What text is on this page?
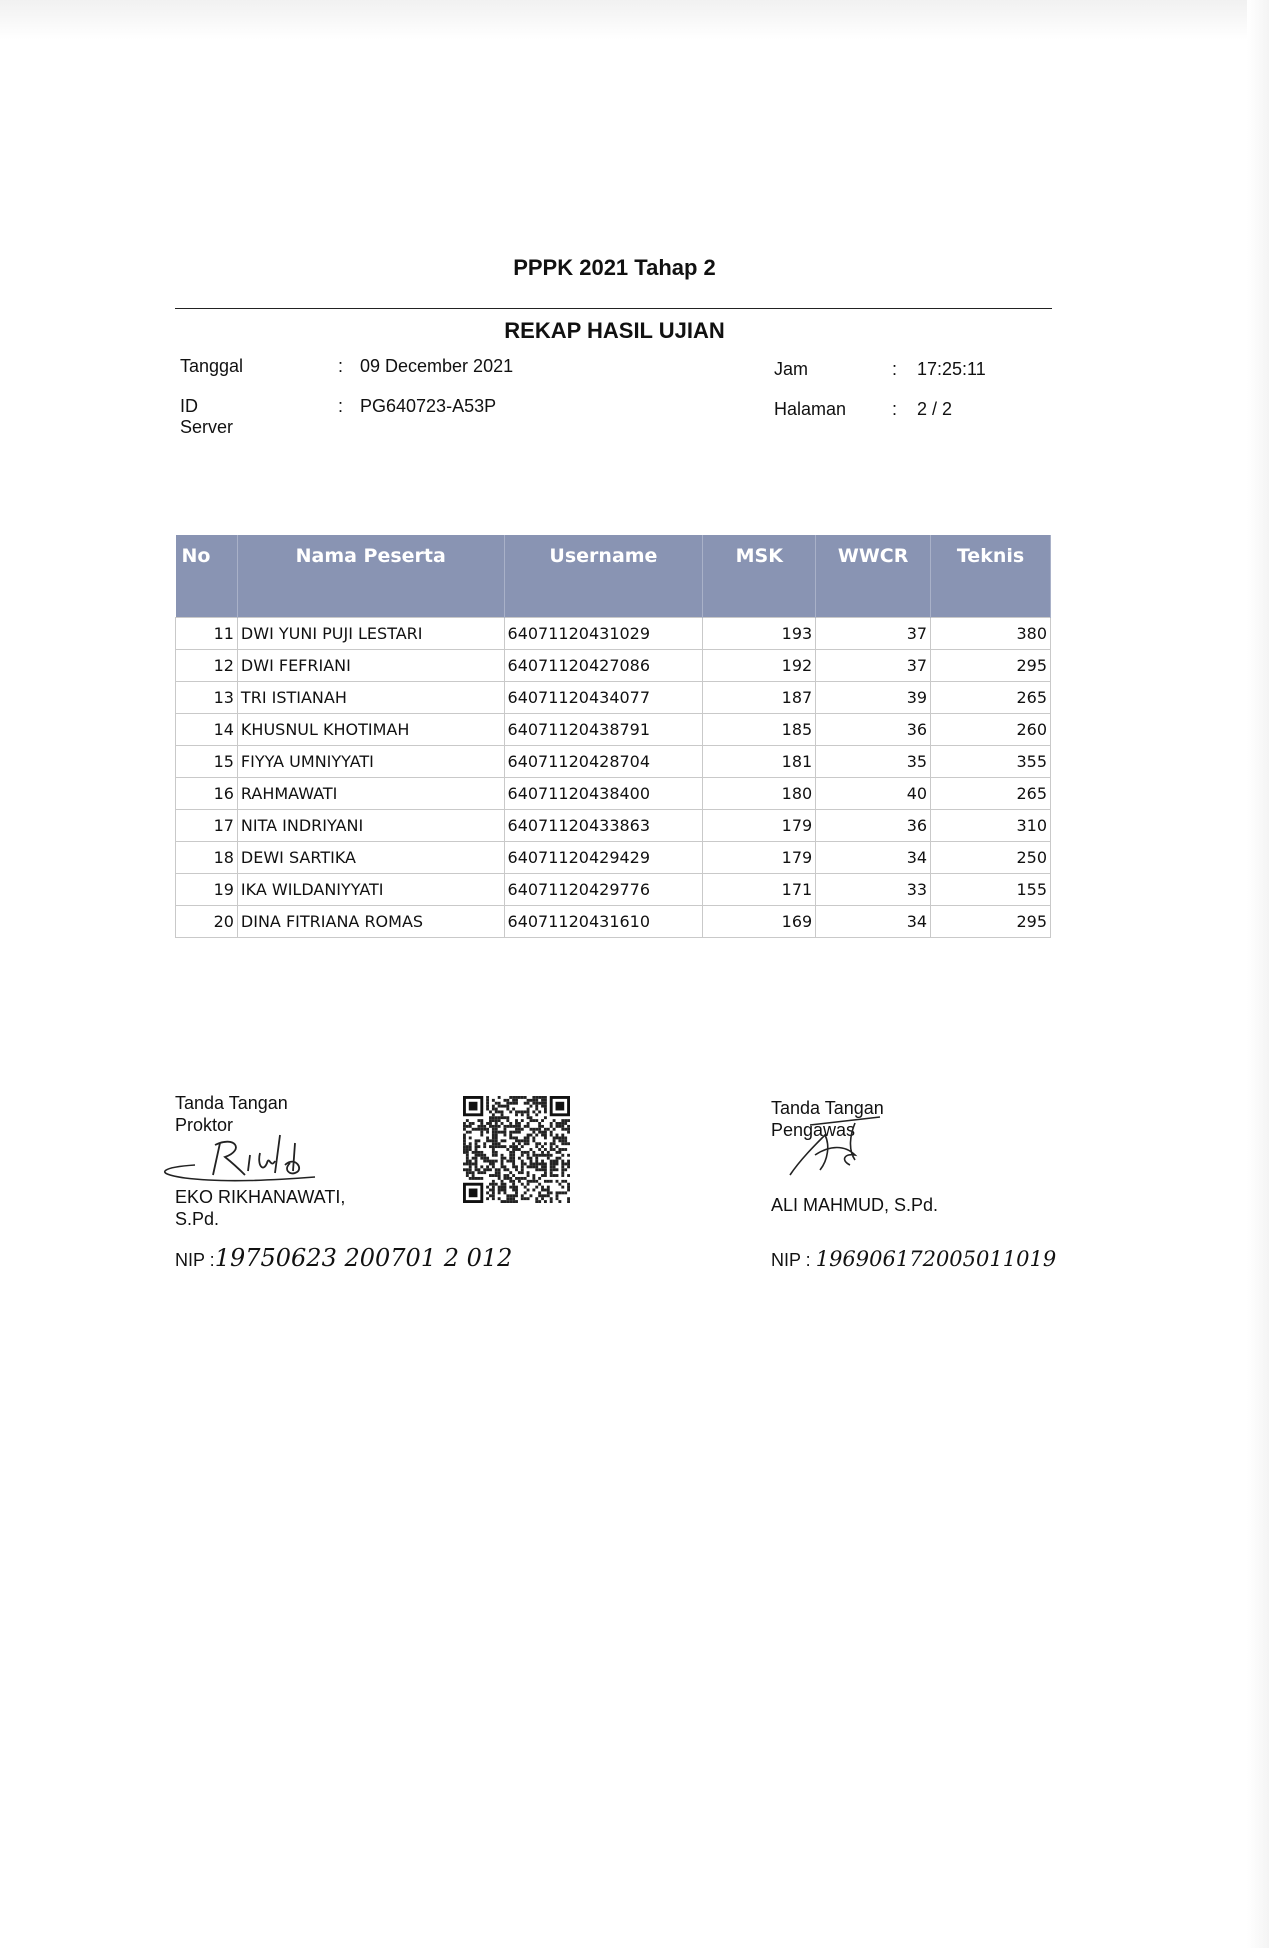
PPPK 2021 Tahap 2
REKAP HASIL UJIAN
Tanggal	: 09 December 2021
ID Server
: PG640723-A53P
Jam	: 17:25:11
Halaman	: 2 / 2
No	Nama Peserta	Username	MSK	WWCR	Teknis
11	DWI YUNI PUJI LESTARI	64071120431029	193	37	380
12	DWI FEFRIANI	64071120427086	192	37	295
13	TRI ISTIANAH	64071120434077	187	39	265
14	KHUSNUL KHOTIMAH	64071120438791	185	36	260
15	FIYYA UMNIYYATI	64071120428704	181	35	355
16	RAHMAWATI	64071120438400	180	40	265
17	NITA INDRIYANI	64071120433863	179	36	310
18	DEWI SARTIKA	64071120429429	179	34	250
19	IKA WILDANIYYATI	64071120429776	171	33	155
20	DINA FITRIANA ROMAS	64071120431610	169	34	295
Tanda Tangan
Proktor
EKO RIKHANAWATI,
S.Pd.
NIP :19750623 200701 2 012
Tanda Tangan
Pengawas
ALI MAHMUD, S.Pd.
NIP : 196906172005011019
